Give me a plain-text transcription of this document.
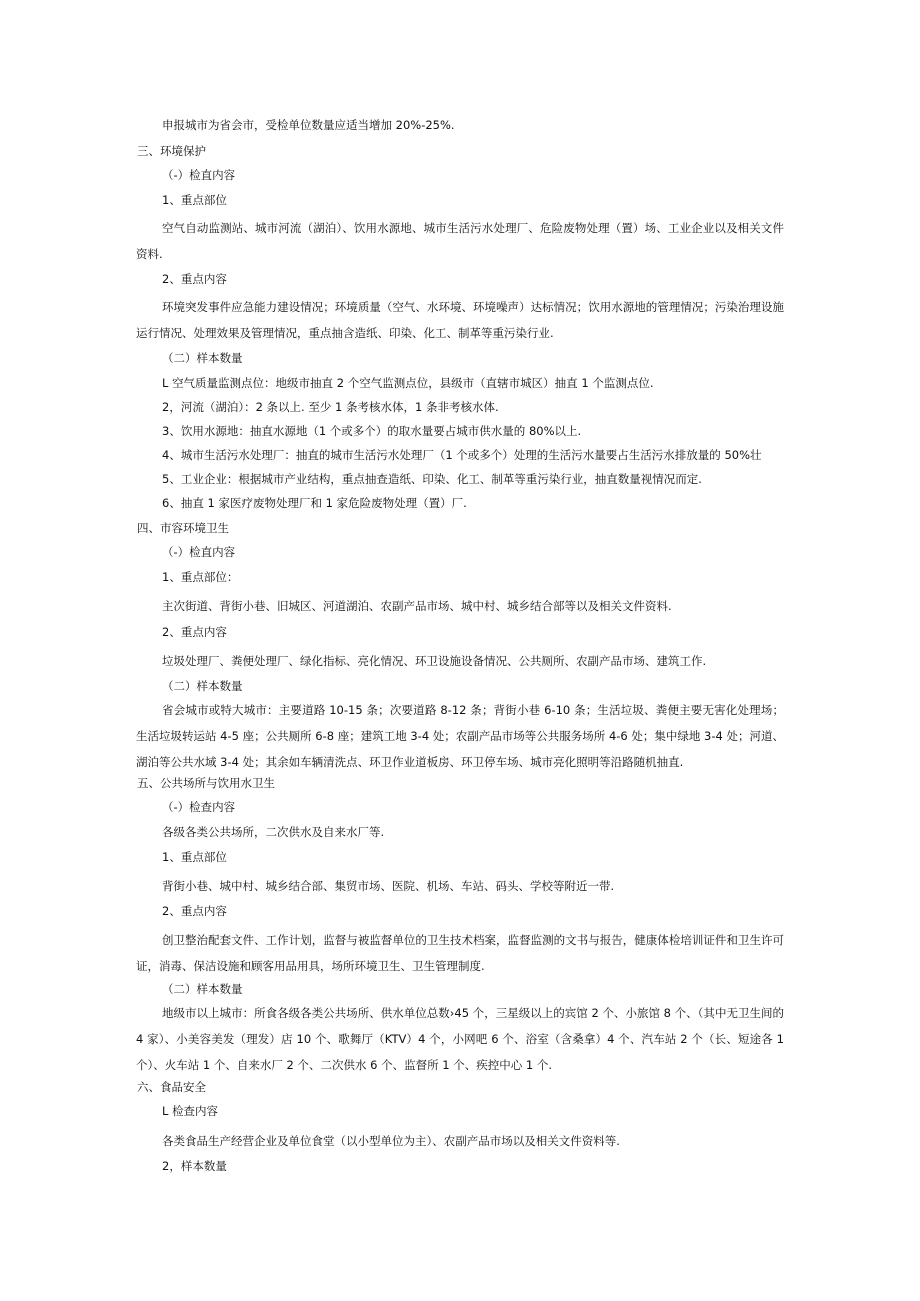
申报城市为省会市，受检单位数量应适当增加 20%-25%.
三、环境保护
（-）检直内容
1、重点部位
空气自动监测站、城市河流（湖泊）、饮用水源地、城市生活污水处理厂、危险废物处理（置）场、工业企业以及相关文件资料.
2、重点内容
环境突发事件应急能力建设情况；环境质量（空气、水环境、环境噪声）达标情况；饮用水源地的管理情况；污染治理设施运行情况、处理效果及管理情况，重点抽含造纸、印染、化工、制革等重污染行业.
（二）样本数量
L 空气质量监测点位：地级市抽直 2 个空气监测点位，县级市（直辖市城区）抽直 1 个监测点位.
2，河流（湖泊）：2 条以上. 至少 1 条考核水体，1 条非考核水体.
3、饮用水源地：抽直水源地（1 个或多个）的取水量要占城市供水量的 80%以上.
4、城市生活污水处理厂：抽直的城市生活污水处理厂（1 个或多个）处理的生活污水量要占生活污水排放量的 50%壮
5、工业企业：根据城市产业结构，重点抽查造纸、印染、化工、制革等重污染行业，抽直数量视情况而定.
6、抽直 1 家医疗废物处理厂和 1 家危险废物处理（置）厂.
四、市容环境卫生
（-）检直内容
1、重点部位：
主次街道、背街小巷、旧城区、河道湖泊、农副产品市场、城中村、城乡结合部等以及相关文件资料.
2、重点内容
垃圾处理厂、粪便处理厂、绿化指标、亮化情况、环卫设施设备情况、公共厕所、农副产品市场、建筑工作.
（二）样本数量
省会城市或特大城市：主要道路 10-15 条；次要道路 8-12 条；背街小巷 6-10 条；生活垃圾、粪便主要无害化处理场；生活垃圾转运站 4-5 座；公共厕所 6-8 座；建筑工地 3-4 处；农副产品市场等公共服务场所 4-6 处；集中绿地 3-4 处；河道、湖泊等公共水域 3-4 处；其余如车辆清洗点、环卫作业道板房、环卫停车场、城市亮化照明等沿路随机抽直.
五、公共场所与饮用水卫生
（-）检查内容
各级各类公共场所，二次供水及自来水厂等.
1、重点部位
背街小巷、城中村、城乡结合部、集贸市场、医院、机场、车站、码头、学校等附近一带.
2、重点内容
创卫整治配套文件、工作计划，监督与被监督单位的卫生技术档案，监督监测的文书与报告，健康体检培训证件和卫生许可证，消毒、保洁设施和顾客用品用具，场所环境卫生、卫生管理制度.
（二）样本数量
地级市以上城市：所食各级各类公共场所、供水单位总数›45 个，三星级以上的宾馆 2 个、小旅馆 8 个、（其中无卫生间的 4 家）、小美容美发（理发）店 10 个、歌舞厅（KTV）4 个，小网吧 6 个、浴室（含桑拿）4 个、汽车站 2 个（长、短途各 1 个）、火车站 1 个、自来水厂 2 个、二次供水 6 个、监督所 1 个、疾控中心 1 个.
六、食品安全
L 检查内容
各类食品生产经营企业及单位食堂（以小型单位为主）、农副产品市场以及相关文件资料等.
2，样本数量
